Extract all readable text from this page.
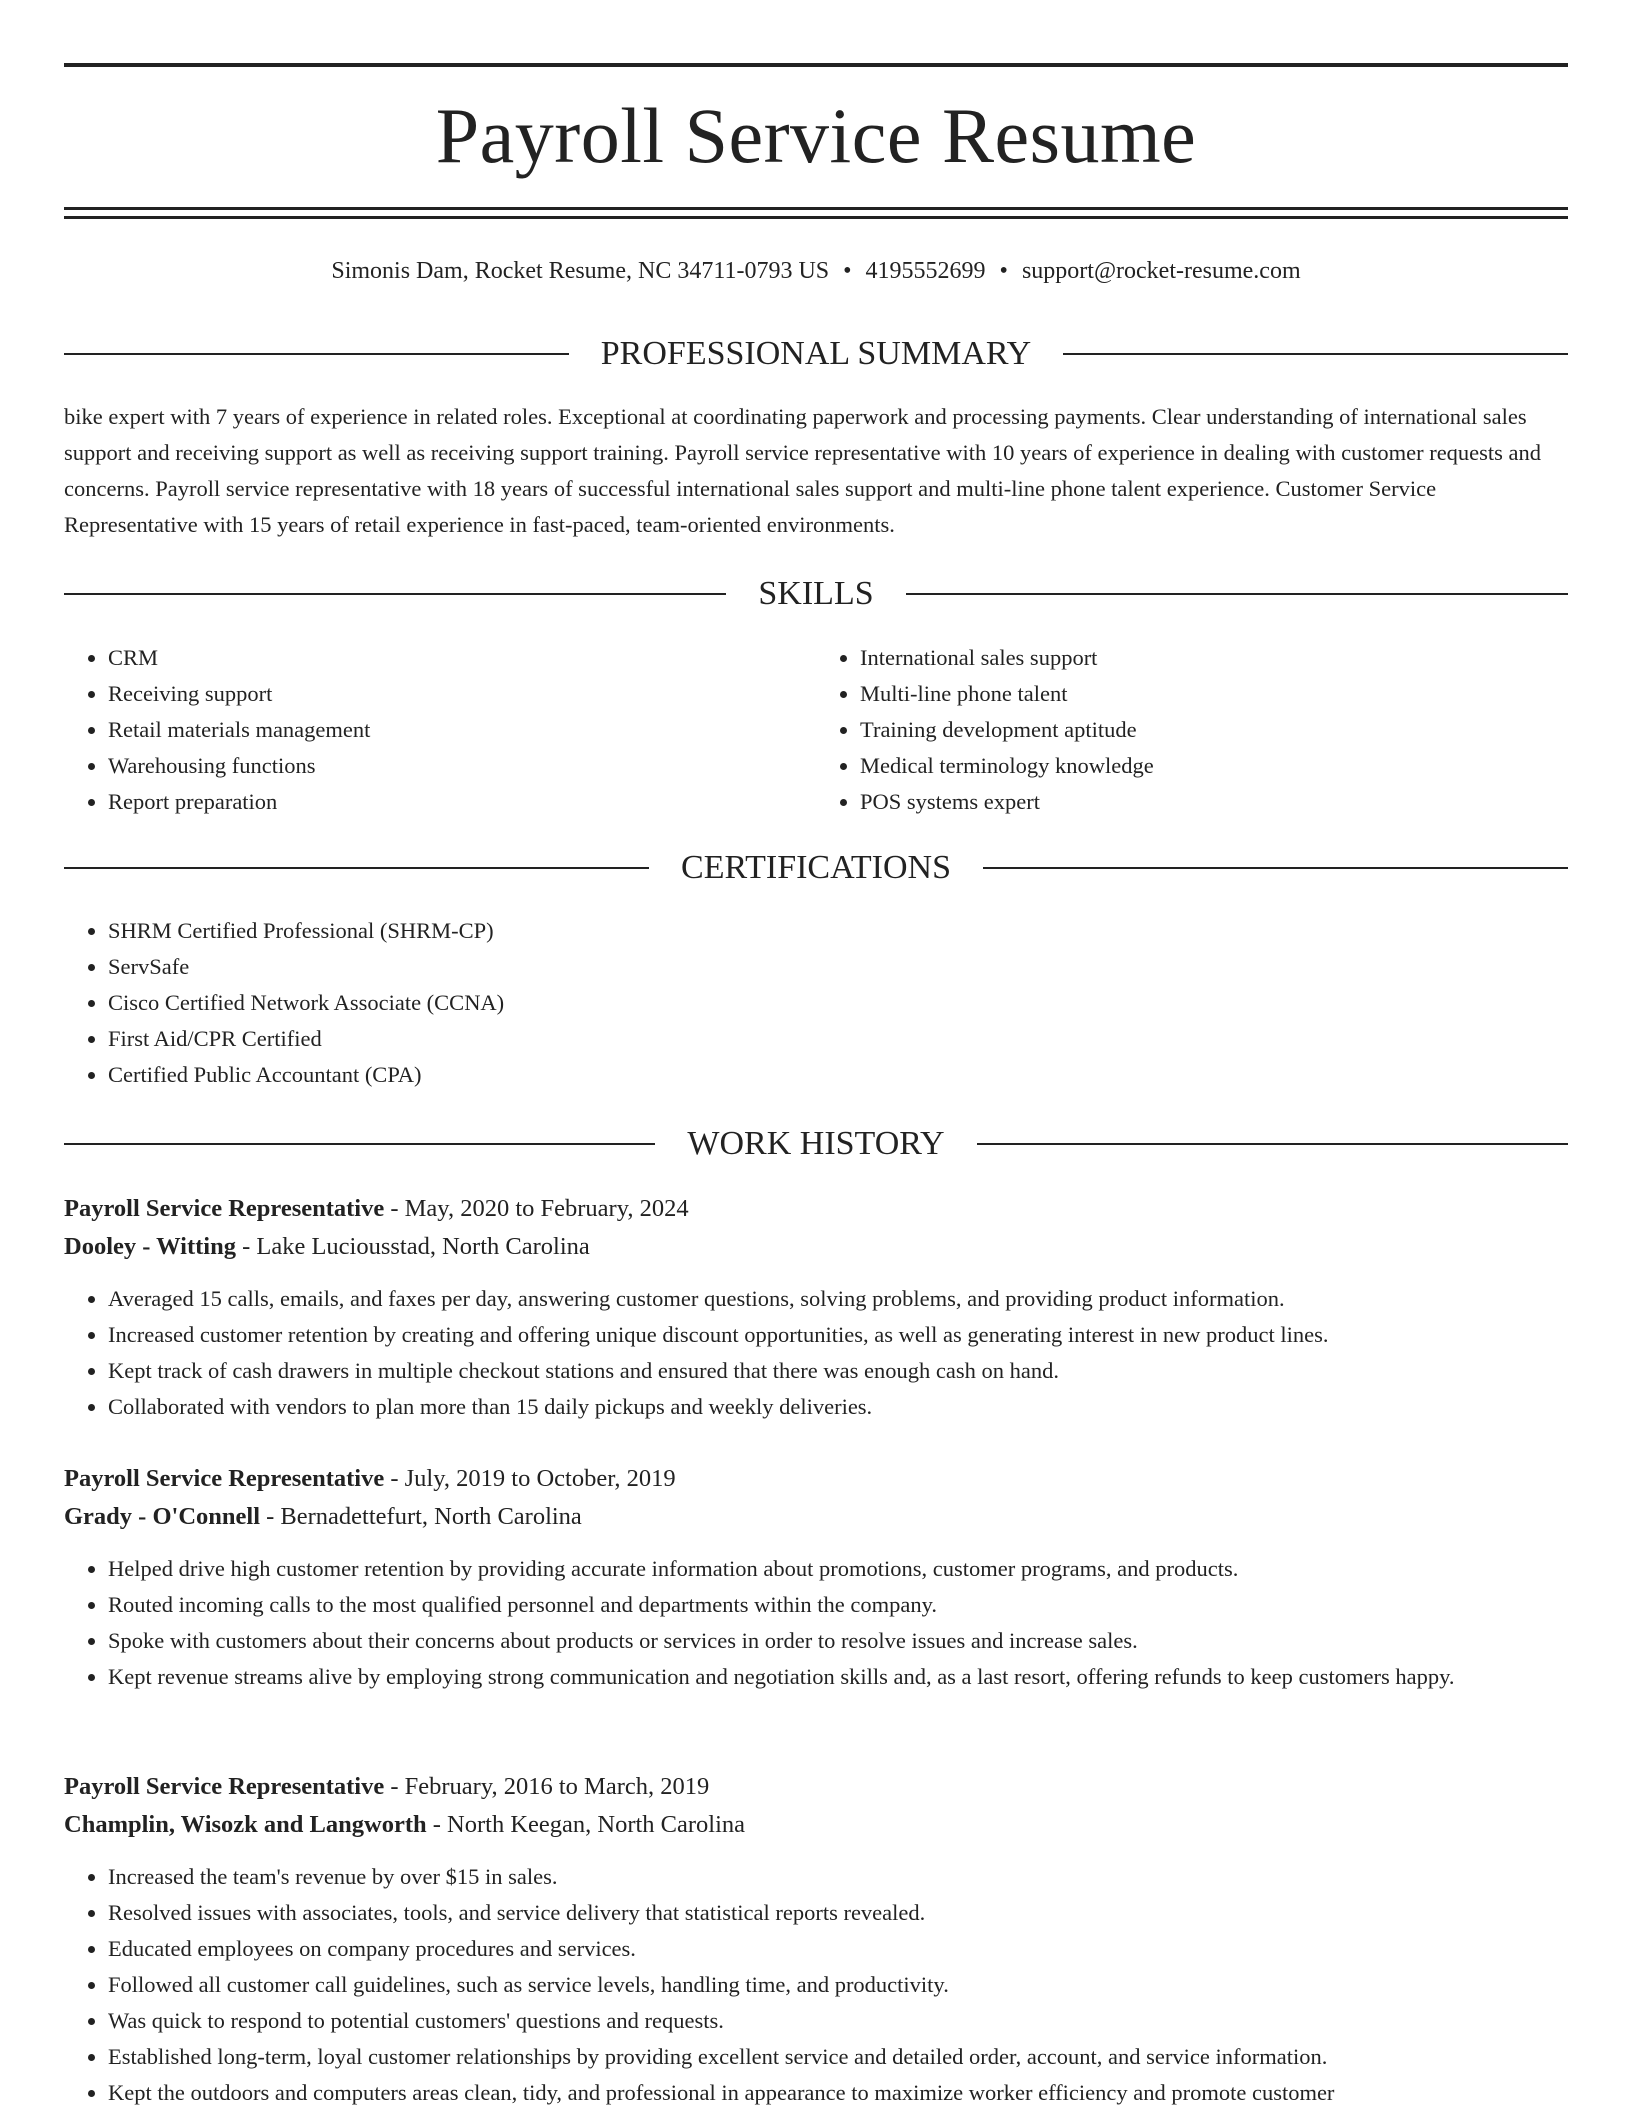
Payroll Service Resume
Simonis Dam, Rocket Resume, NC 34711-0793 US • 4195552699 • support@rocket-resume.com
PROFESSIONAL SUMMARY
bike expert with 7 years of experience in related roles. Exceptional at coordinating paperwork and processing payments. Clear understanding of international sales support and receiving support as well as receiving support training. Payroll service representative with 10 years of experience in dealing with customer requests and concerns. Payroll service representative with 18 years of successful international sales support and multi-line phone talent experience. Customer Service Representative with 15 years of retail experience in fast-paced, team-oriented environments.
SKILLS
• CRM
• Receiving support
• Retail materials management
• Warehousing functions
• Report preparation
• International sales support
• Multi-line phone talent
• Training development aptitude
• Medical terminology knowledge
• POS systems expert
CERTIFICATIONS
• SHRM Certified Professional (SHRM-CP)
• ServSafe
• Cisco Certified Network Associate (CCNA)
• First Aid/CPR Certified
• Certified Public Accountant (CPA)
WORK HISTORY
Payroll Service Representative - May, 2020 to February, 2024
Dooley - Witting - Lake Luciousstad, North Carolina
• Averaged 15 calls, emails, and faxes per day, answering customer questions, solving problems, and providing product information.
• Increased customer retention by creating and offering unique discount opportunities, as well as generating interest in new product lines.
• Kept track of cash drawers in multiple checkout stations and ensured that there was enough cash on hand.
• Collaborated with vendors to plan more than 15 daily pickups and weekly deliveries.
Payroll Service Representative - July, 2019 to October, 2019
Grady - O'Connell - Bernadettefurt, North Carolina
• Helped drive high customer retention by providing accurate information about promotions, customer programs, and products.
• Routed incoming calls to the most qualified personnel and departments within the company.
• Spoke with customers about their concerns about products or services in order to resolve issues and increase sales.
• Kept revenue streams alive by employing strong communication and negotiation skills and, as a last resort, offering refunds to keep customers happy.
Payroll Service Representative - February, 2016 to March, 2019
Champlin, Wisozk and Langworth - North Keegan, North Carolina
• Increased the team's revenue by over $15 in sales.
• Resolved issues with associates, tools, and service delivery that statistical reports revealed.
• Educated employees on company procedures and services.
• Followed all customer call guidelines, such as service levels, handling time, and productivity.
• Was quick to respond to potential customers' questions and requests.
• Established long-term, loyal customer relationships by providing excellent service and detailed order, account, and service information.
• Kept the outdoors and computers areas clean, tidy, and professional in appearance to maximize worker efficiency and promote customer
